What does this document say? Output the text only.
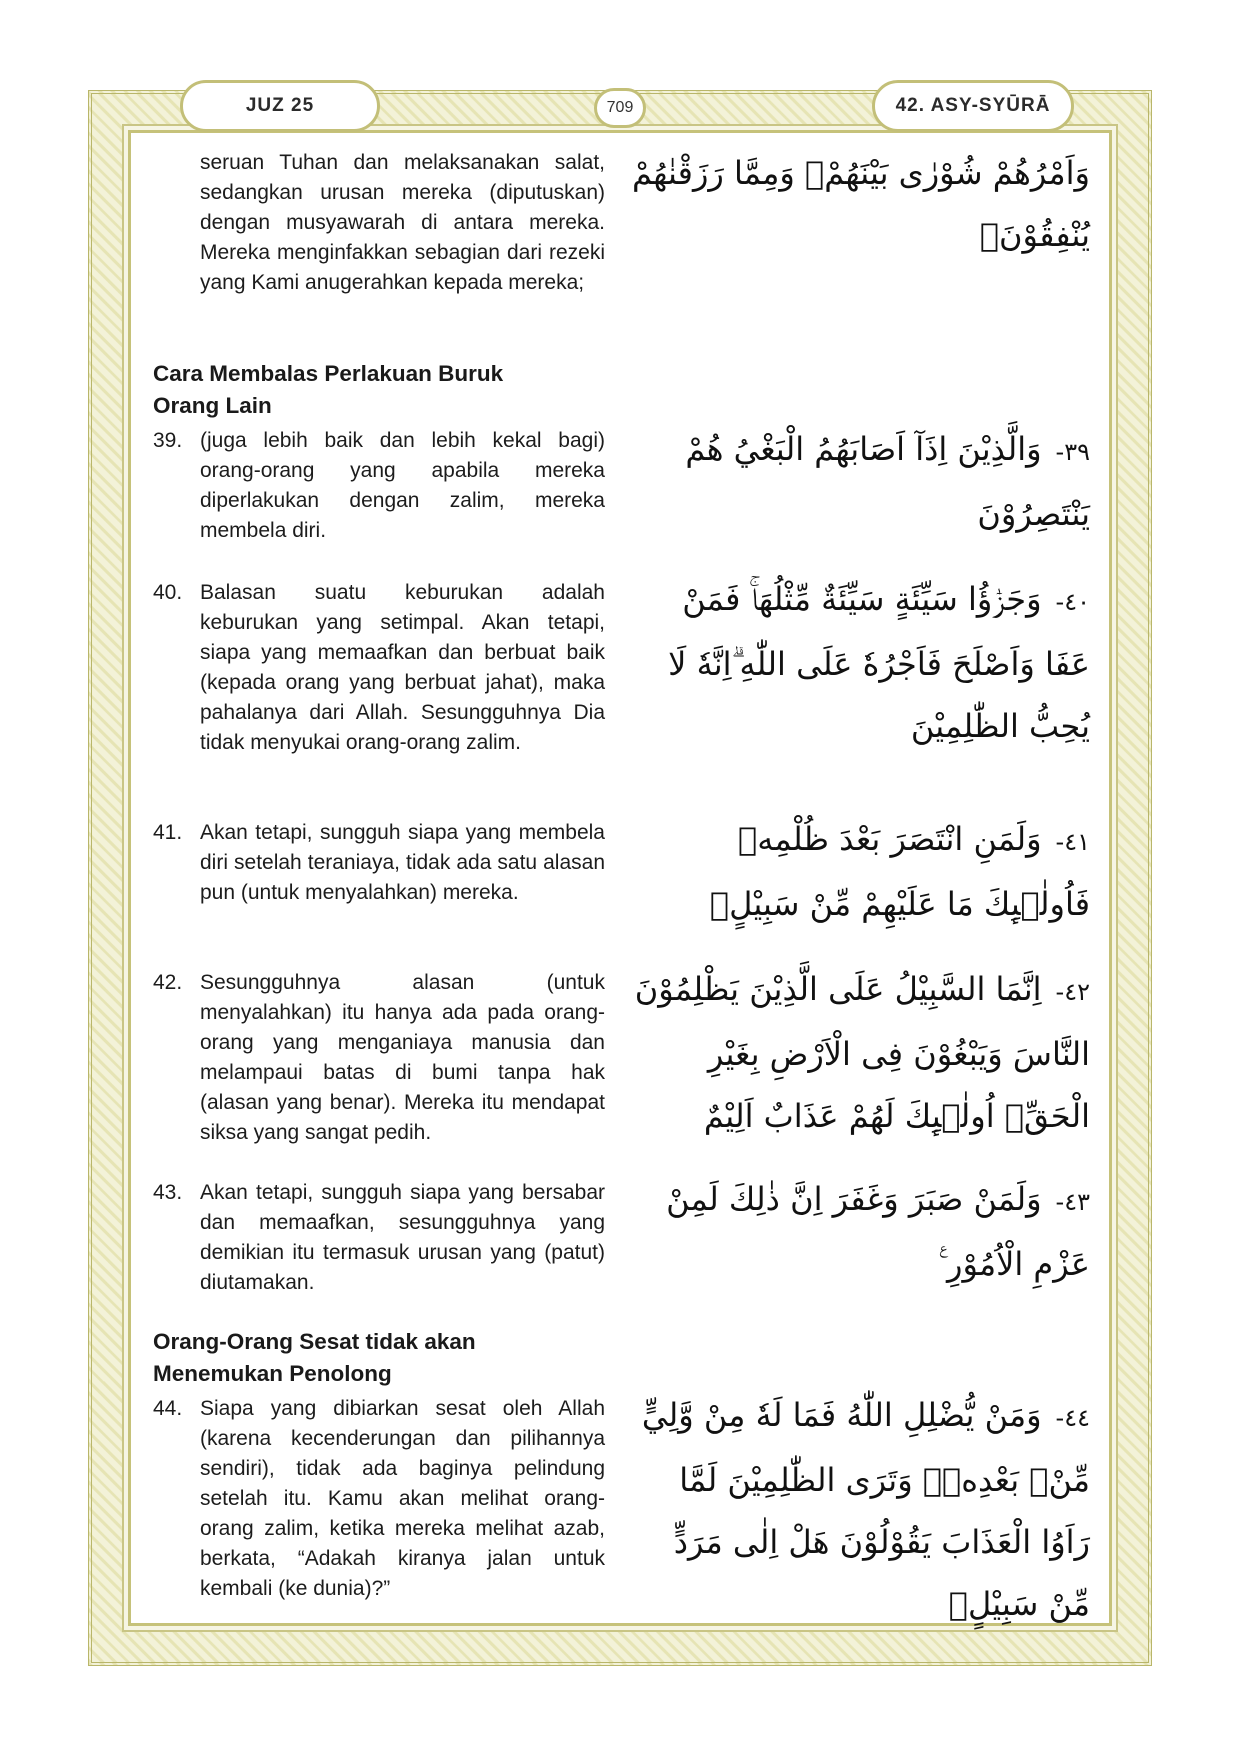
JUZ 25	709	42. ASY-SYŪRĀ
seruan Tuhan dan melaksanakan salat, sedangkan urusan mereka (diputuskan) dengan musyawarah di antara mereka. Mereka menginfakkan sebagian dari rezeki yang Kami anugerahkan kepada mereka;
وَاَمْرُهُمْ شُوْرٰى بَيْنَهُمْۖ وَمِمَّا رَزَقْنٰهُمْ يُنْفِقُوْنَۚ
Cara Membalas Perlakuan Buruk Orang Lain
39. (juga lebih baik dan lebih kekal bagi) orang-orang yang apabila mereka diperlakukan dengan zalim, mereka membela diri.
٣٩-وَالَّذِيْنَ اِذَآ اَصَابَهُمُ الْبَغْيُ هُمْ يَنْتَصِرُوْنَ
40. Balasan suatu keburukan adalah keburukan yang setimpal. Akan tetapi, siapa yang memaafkan dan berbuat baik (kepada orang yang berbuat jahat), maka pahalanya dari Allah. Sesungguhnya Dia tidak menyukai orang-orang zalim.
٤٠-وَجَزٰۤؤُا سَيِّئَةٍ سَيِّئَةٌ مِّثْلُهَاۚ فَمَنْ عَفَا وَاَصْلَحَ فَاَجْرُهٗ عَلَى اللّٰهِ ۗاِنَّهٗ لَا يُحِبُّ الظّٰلِمِيْنَ
41. Akan tetapi, sungguh siapa yang membela diri setelah teraniaya, tidak ada satu alasan pun (untuk menyalahkan) mereka.
٤١-وَلَمَنِ انْتَصَرَ بَعْدَ ظُلْمِهٖ فَاُولٰۤىِٕكَ مَا عَلَيْهِمْ مِّنْ سَبِيْلٍۗ
42. Sesungguhnya alasan (untuk menyalahkan) itu hanya ada pada orang-orang yang menganiaya manusia dan melampaui batas di bumi tanpa hak (alasan yang benar). Mereka itu mendapat siksa yang sangat pedih.
٤٢-اِنَّمَا السَّبِيْلُ عَلَى الَّذِيْنَ يَظْلِمُوْنَ النَّاسَ وَيَبْغُوْنَ فِى الْاَرْضِ بِغَيْرِ الْحَقِّۗ اُولٰۤىِٕكَ لَهُمْ عَذَابٌ اَلِيْمٌ
43. Akan tetapi, sungguh siapa yang bersabar dan memaafkan, sesungguhnya yang demikian itu termasuk urusan yang (patut) diutamakan.
٤٣-وَلَمَنْ صَبَرَ وَغَفَرَ اِنَّ ذٰلِكَ لَمِنْ عَزْمِ الْاُمُوْرِ ࣖ
Orang-Orang Sesat tidak akan Menemukan Penolong
44. Siapa yang dibiarkan sesat oleh Allah (karena kecenderungan dan pilihannya sendiri), tidak ada baginya pelindung setelah itu. Kamu akan melihat orang-orang zalim, ketika mereka melihat azab, berkata, “Adakah kiranya jalan untuk kembali (ke dunia)?”
٤٤-وَمَنْ يُّضْلِلِ اللّٰهُ فَمَا لَهٗ مِنْ وَّلِيٍّ مِّنْۢ بَعْدِهٖۗ وَتَرَى الظّٰلِمِيْنَ لَمَّا رَاَوُا الْعَذَابَ يَقُوْلُوْنَ هَلْ اِلٰى مَرَدٍّ مِّنْ سَبِيْلٍۚ
